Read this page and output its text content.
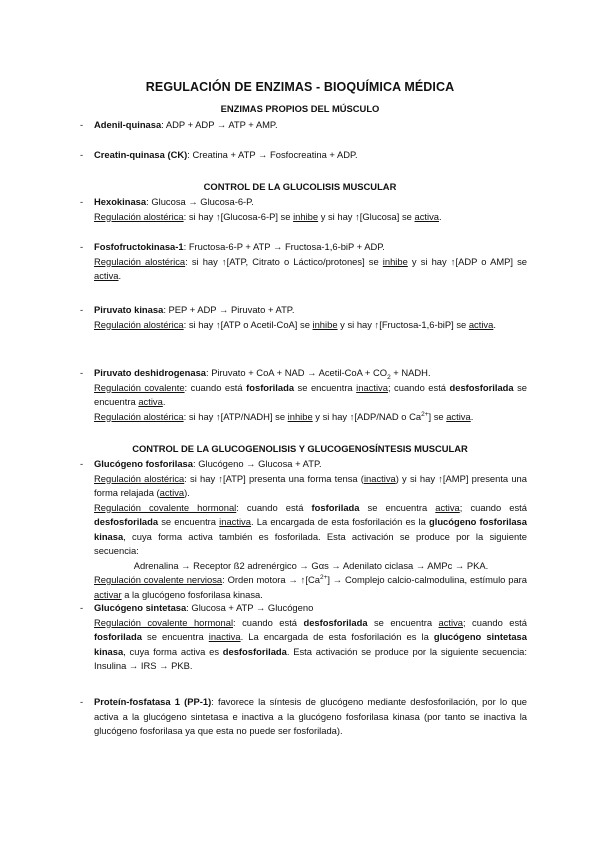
REGULACIÓN DE ENZIMAS - BIOQUÍMICA MÉDICA
ENZIMAS PROPIOS DEL MÚSCULO
- Adenil-quinasa: ADP + ADP → ATP + AMP.
- Creatin-quinasa (CK): Creatina + ATP → Fosfocreatina + ADP.
CONTROL DE LA GLUCOLISIS MUSCULAR
- Hexokinasa: Glucosa → Glucosa-6-P.
Regulación alostérica: si hay ↑[Glucosa-6-P] se inhibe y si hay ↑[Glucosa] se activa.
- Fosfofructokinasa-1: Fructosa-6-P + ATP → Fructosa-1,6-biP + ADP.
Regulación alostérica: si hay ↑[ATP, Citrato o Láctico/protones] se inhibe y si hay ↑[ADP o AMP] se activa.
- Piruvato kinasa: PEP + ADP → Piruvato + ATP.
Regulación alostérica: si hay ↑[ATP o Acetil-CoA] se inhibe y si hay ↑[Fructosa-1,6-biP] se activa.
- Piruvato deshidrogenasa: Piruvato + CoA + NAD → Acetil-CoA + $CO_2$ + NADH.
Regulación covalente: cuando está fosforilada se encuentra inactiva; cuando está desfosforilada se encuentra activa.
Regulación alostérica: si hay ↑[ATP/NADH] se inhibe y si hay ↑[ADP/NAD o $Ca^{2+}$] se activa.
CONTROL DE LA GLUCOGENOLISIS Y GLUCOGENOSÍNTESIS MUSCULAR
- Glucógeno fosforilasa: Glucógeno → Glucosa + ATP.
Regulación alostérica: si hay ↑[ATP] presenta una forma tensa (inactiva) y si hay ↑[AMP] presenta una forma relajada (activa).
Regulación covalente hormonal: cuando está fosforilada se encuentra activa; cuando está desfosforilada se encuentra inactiva. La encargada de esta fosforilación es la glucógeno fosforilasa kinasa, cuya forma activa también es fosforilada. Esta activación se produce por la siguiente secuencia:
Adrenalina → Receptor ß2 adrenérgico → Gαs → Adenilato ciclasa → AMPc → PKA.
Regulación covalente nerviosa: Orden motora → $↑[Ca^{2+}]$ → Complejo calcio-calmodulina, estímulo para activar a la glucógeno fosforilasa kinasa.
- Glucógeno sintetasa: Glucosa + ATP → Glucógeno
Regulación covalente hormonal: cuando está desfosforilada se encuentra activa; cuando está fosforilada se encuentra inactiva. La encargada de esta fosforilación es la glucógeno sintetasa kinasa, cuya forma activa es desfosforilada. Esta activación se produce por la siguiente secuencia: Insulina → IRS → PKB.
- Proteín-fosfatasa 1 (PP-1): favorece la síntesis de glucógeno mediante desfosforilación, por lo que activa a la glucógeno sintetasa e inactiva a la glucógeno fosforilasa kinasa (por tanto se inactiva la glucógeno fosforilasa ya que esta no puede ser fosforilada).
